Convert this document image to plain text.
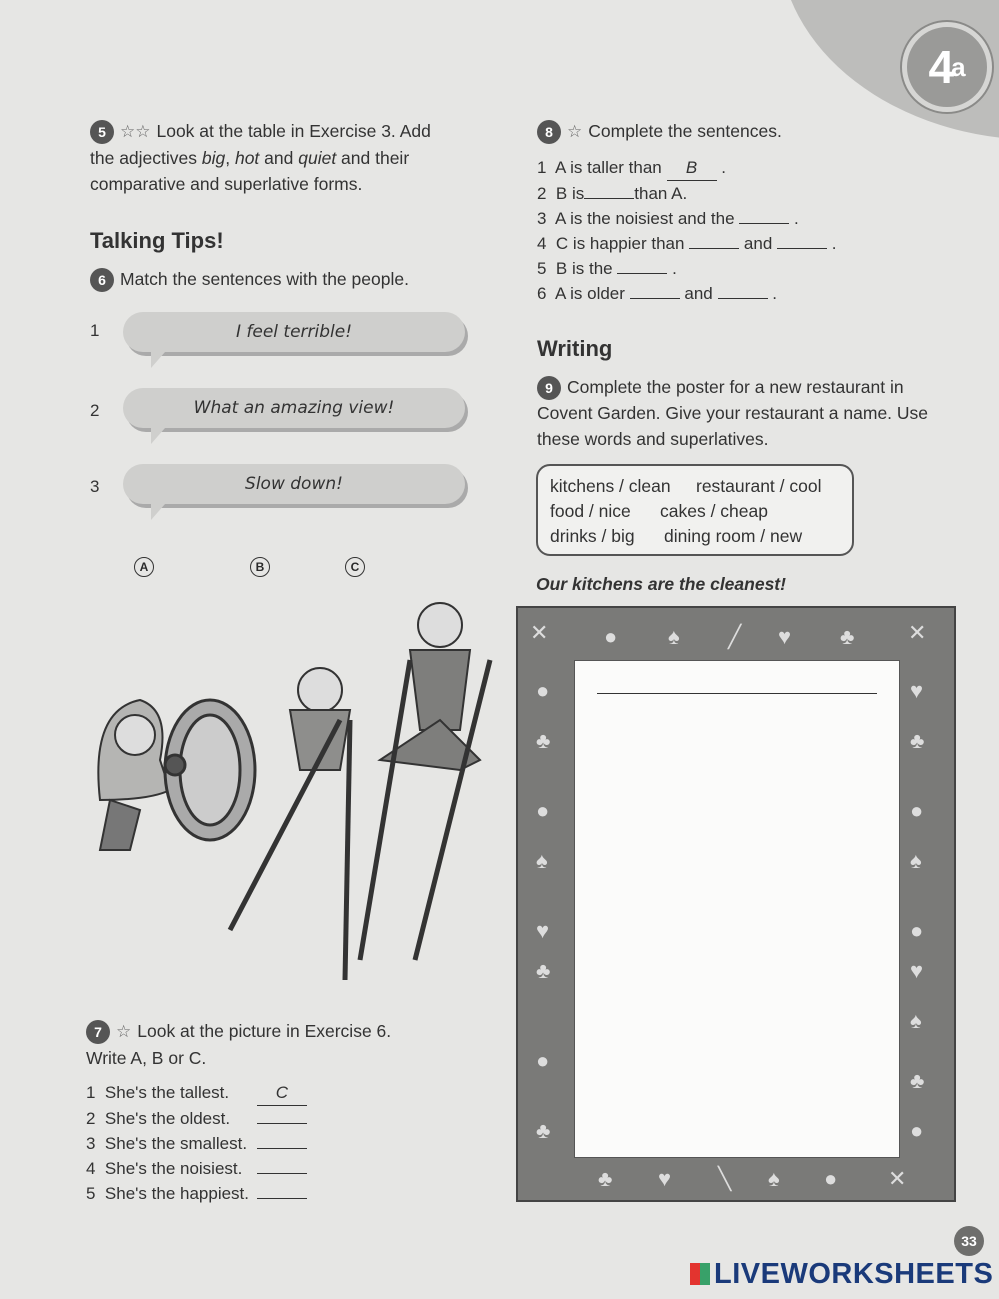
4$^a$
5 ☆☆ Look at the table in Exercise 3. Add
the adjectives big, hot and quiet and their
comparative and superlative forms.
Talking Tips!
6 Match the sentences with the people.
1	I feel terrible!
2	What an amazing view!
3	Slow down!
A	B	C
7 ☆ Look at the picture in Exercise 6.
Write A, B or C.
1 She's the tallest.	C
2 She's the oldest.
3 She's the smallest.
4 She's the noisiest.
5 She's the happiest.
8 ☆ Complete the sentences.
1 A is taller than B .
2 B is	than A.
3 A is the noisiest and the	.
4 C is happier than	and	.
5 B is the	.
6 A is older	and	.
Writing
9 Complete the poster for a new restaurant in
Covent Garden. Give your restaurant a name. Use
these words and superlatives.
kitchens / clean restaurant / cool
food / nice cakes / cheap
drinks / big dining room / new
Our kitchens are the cleanest!
✕	● ♠ ╱ ♥ ♣ ✕
●
♣
●
♠
♥
♣
●
♣
♥
♣
●
♠
●
♥
♠
♣
●
♣ ♥ ╲ ♠ ● ✕
33
LIVEWORKSHEETS
